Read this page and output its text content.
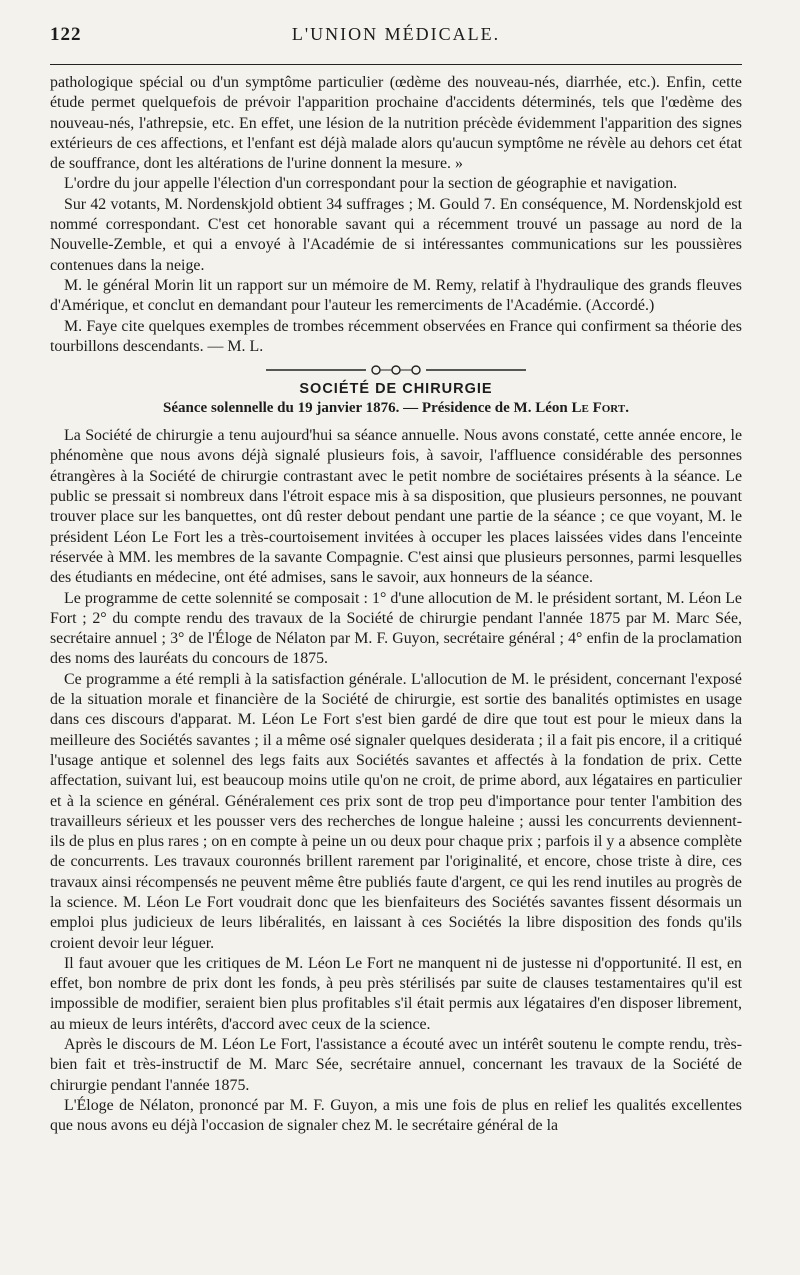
122	L'UNION MÉDICALE.

pathologique spécial ou d'un symptôme particulier (œdème des nouveau-nés, diarrhée, etc.). Enfin, cette étude permet quelquefois de prévoir l'apparition prochaine d'accidents déterminés, tels que l'œdème des nouveau-nés, l'athrepsie, etc. En effet, une lésion de la nutrition précède évidemment l'apparition des signes extérieurs de ces affections, et l'enfant est déjà malade alors qu'aucun symptôme ne révèle au dehors cet état de souffrance, dont les altérations de l'urine donnent la mesure. »

L'ordre du jour appelle l'élection d'un correspondant pour la section de géographie et navigation.

Sur 42 votants, M. Nordenskjold obtient 34 suffrages ; M. Gould 7. En conséquence, M. Nordenskjold est nommé correspondant. C'est cet honorable savant qui a récemment trouvé un passage au nord de la Nouvelle-Zemble, et qui a envoyé à l'Académie de si intéressantes communications sur les poussières contenues dans la neige.

M. le général Morin lit un rapport sur un mémoire de M. Remy, relatif à l'hydraulique des grands fleuves d'Amérique, et conclut en demandant pour l'auteur les remerciments de l'Académie. (Accordé.)

M. Faye cite quelques exemples de trombes récemment observées en France qui confirment sa théorie des tourbillons descendants. — M. L.

SOCIÉTÉ DE CHIRURGIE
Séance solennelle du 19 janvier 1876. — Présidence de M. Léon Le Fort.

La Société de chirurgie a tenu aujourd'hui sa séance annuelle. Nous avons constaté, cette année encore, le phénomène que nous avons déjà signalé plusieurs fois, à savoir, l'affluence considérable des personnes étrangères à la Société de chirurgie contrastant avec le petit nombre de sociétaires présents à la séance. Le public se pressait si nombreux dans l'étroit espace mis à sa disposition, que plusieurs personnes, ne pouvant trouver place sur les banquettes, ont dû rester debout pendant une partie de la séance ; ce que voyant, M. le président Léon Le Fort les a très-courtoisement invitées à occuper les places laissées vides dans l'enceinte réservée à MM. les membres de la savante Compagnie. C'est ainsi que plusieurs personnes, parmi lesquelles des étudiants en médecine, ont été admises, sans le savoir, aux honneurs de la séance.

Le programme de cette solennité se composait : 1° d'une allocution de M. le président sortant, M. Léon Le Fort ; 2° du compte rendu des travaux de la Société de chirurgie pendant l'année 1875 par M. Marc Sée, secrétaire annuel ; 3° de l'Éloge de Nélaton par M. F. Guyon, secrétaire général ; 4° enfin de la proclamation des noms des lauréats du concours de 1875.

Ce programme a été rempli à la satisfaction générale. L'allocution de M. le président, concernant l'exposé de la situation morale et financière de la Société de chirurgie, est sortie des banalités optimistes en usage dans ces discours d'apparat. M. Léon Le Fort s'est bien gardé de dire que tout est pour le mieux dans la meilleure des Sociétés savantes ; il a même osé signaler quelques desiderata ; il a fait pis encore, il a critiqué l'usage antique et solennel des legs faits aux Sociétés savantes et affectés à la fondation de prix. Cette affectation, suivant lui, est beaucoup moins utile qu'on ne croit, de prime abord, aux légataires en particulier et à la science en général. Généralement ces prix sont de trop peu d'importance pour tenter l'ambition des travailleurs sérieux et les pousser vers des recherches de longue haleine ; aussi les concurrents deviennent-ils de plus en plus rares ; on en compte à peine un ou deux pour chaque prix ; parfois il y a absence complète de concurrents. Les travaux couronnés brillent rarement par l'originalité, et encore, chose triste à dire, ces travaux ainsi récompensés ne peuvent même être publiés faute d'argent, ce qui les rend inutiles au progrès de la science. M. Léon Le Fort voudrait donc que les bienfaiteurs des Sociétés savantes fissent désormais un emploi plus judicieux de leurs libéralités, en laissant à ces Sociétés la libre disposition des fonds qu'ils croient devoir leur léguer.

Il faut avouer que les critiques de M. Léon Le Fort ne manquent ni de justesse ni d'opportunité. Il est, en effet, bon nombre de prix dont les fonds, à peu près stérilisés par suite de clauses testamentaires qu'il est impossible de modifier, seraient bien plus profitables s'il était permis aux légataires d'en disposer librement, au mieux de leurs intérêts, d'accord avec ceux de la science.

Après le discours de M. Léon Le Fort, l'assistance a écouté avec un intérêt soutenu le compte rendu, très-bien fait et très-instructif de M. Marc Sée, secrétaire annuel, concernant les travaux de la Société de chirurgie pendant l'année 1875.

L'Éloge de Nélaton, prononcé par M. F. Guyon, a mis une fois de plus en relief les qualités excellentes que nous avons eu déjà l'occasion de signaler chez M. le secrétaire général de la
